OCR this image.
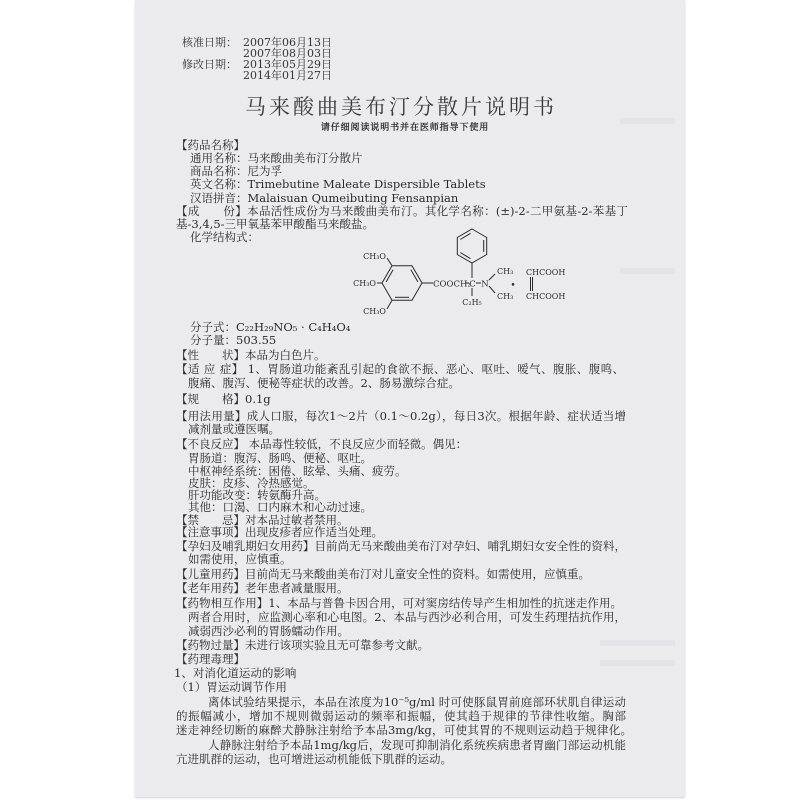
核准日期： 2007年06月13日
2007年08月03日
修改日期： 2013年05月29日
2014年01月27日
马来酸曲美布汀分散片说明书
请仔细阅读说明书并在医师指导下使用
【药品名称】
通用名称：马来酸曲美布汀分散片
商品名称：尼为孚
英文名称：Trimebutine Maleate Dispersible Tablets
汉语拼音：Malaisuan Qumeibuting Fensanpian
【成　　份】本品活性成份为马来酸曲美布汀。其化学名称：(±)-2-二甲氨基-2-苯基丁
基-3,4,5-三甲氧基苯甲酸酯马来酸盐。
化学结构式：
CH₃O
CH₃O
CH₃O
COOCH₂
C N
C₂H₅
CH₃
CH₃
•
CHCOOH
CHCOOH
分子式：C₂₂H₂₉NO₅ · C₄H₄O₄
分子量：503.55
【性　　状】本品为白色片。
【适 应 症】 1、胃肠道功能紊乱引起的食欲不振、恶心、呕吐、嗳气、腹胀、腹鸣、
腹痛、腹泻、便秘等症状的改善。2、肠易激综合症。
【规　　格】0.1g
【用法用量】成人口服，每次1～2片（0.1～0.2g），每日3次。根据年龄、症状适当增
减剂量或遵医嘱。
【不良反应】 本品毒性较低，不良反应少而轻微。偶见：
胃肠道：腹泻、肠鸣、便秘、呕吐。
中枢神经系统：困倦、眩晕、头痛、疲劳。
皮肤：皮疹、冷热感觉。
肝功能改变：转氨酶升高。
其他：口渴、口内麻木和心动过速。
【禁　　忌】对本品过敏者禁用。
【注意事项】出现皮疹者应作适当处理。
【孕妇及哺乳期妇女用药】目前尚无马来酸曲美布汀对孕妇、哺乳期妇女安全性的资料，
如需使用，应慎重。
【儿童用药】目前尚无马来酸曲美布汀对儿童安全性的资料。如需使用，应慎重。
【老年用药】老年患者减量服用。
【药物相互作用】1、本品与普鲁卡因合用，可对窦房结传导产生相加性的抗迷走作用。
两者合用时，应监测心率和心电图。2、本品与西沙必利合用，可发生药理拮抗作用，
减弱西沙必利的胃肠蠕动作用。
【药物过量】未进行该项实验且无可靠参考文献。
【药理毒理】
1、对消化道运动的影响
（1）胃运动调节作用
离体试验结果提示，本品在浓度为10⁻⁵g/ml 时可使豚鼠胃前庭部环状肌自律运动
的振幅减小，增加不规则微弱运动的频率和振幅，使其趋于规律的节律性收缩。胸部
迷走神经切断的麻醉犬静脉注射给予本品3mg/kg，可使其胃的不规则运动趋于规律化。
人静脉注射给予本品1mg/kg后，发现可抑制消化系统疾病患者胃幽门部运动机能
亢进肌群的运动，也可增进运动机能低下肌群的运动。
